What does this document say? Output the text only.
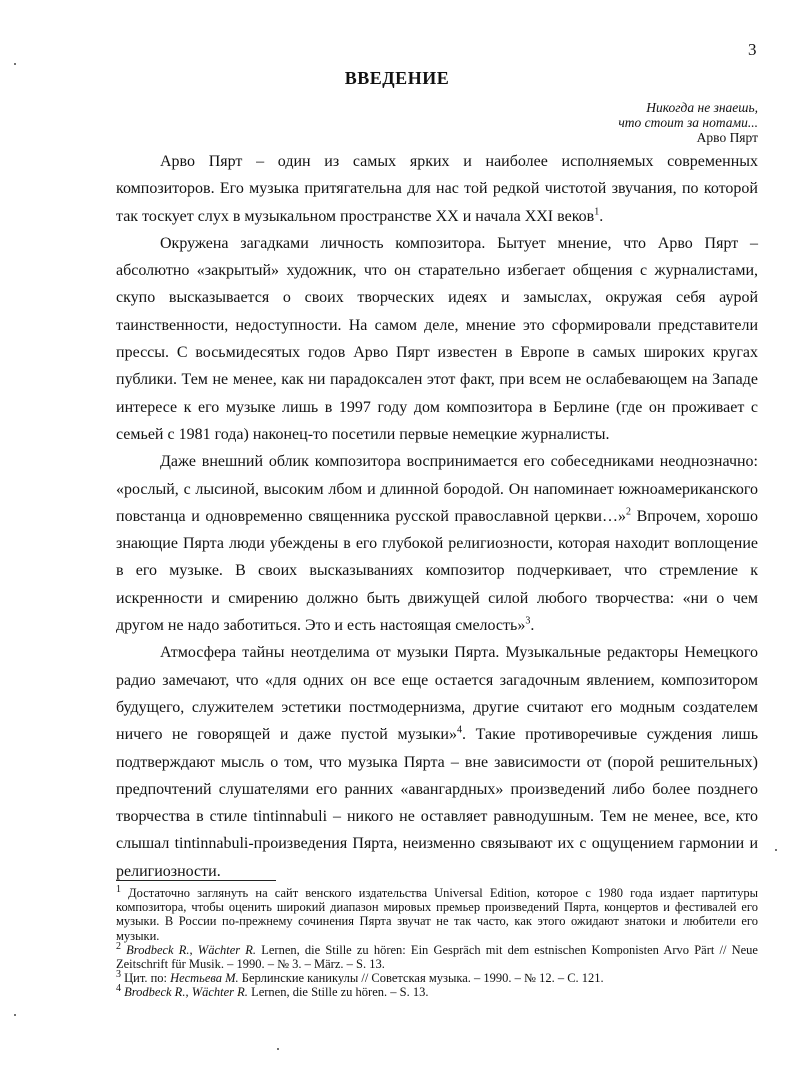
3
ВВЕДЕНИЕ
Никогда не знаешь,
что стоит за нотами...
Арво Пярт

Арво Пярт – один из самых ярких и наиболее исполняемых современных композиторов. Его музыка притягательна для нас той редкой чистотой звучания, по которой так тоскует слух в музыкальном пространстве XX и начала XXI веков$^1$.

Окружена загадками личность композитора. Бытует мнение, что Арво Пярт – абсолютно «закрытый» художник, что он старательно избегает общения с журналистами, скупо высказывается о своих творческих идеях и замыслах, окружая себя аурой таинственности, недоступности. На самом деле, мнение это сформировали представители прессы. С восьмидесятых годов Арво Пярт известен в Европе в самых широких кругах публики. Тем не менее, как ни парадоксален этот факт, при всем не ослабевающем на Западе интересе к его музыке лишь в 1997 году дом композитора в Берлине (где он проживает с семьей с 1981 года) наконец-то посетили первые немецкие журналисты.

Даже внешний облик композитора воспринимается его собеседниками неоднозначно: «рослый, с лысиной, высоким лбом и длинной бородой. Он напоминает южноамериканского повстанца и одновременно священника русской православной церкви…»$^2$ Впрочем, хорошо знающие Пярта люди убеждены в его глубокой религиозности, которая находит воплощение в его музыке. В своих высказываниях композитор подчеркивает, что стремление к искренности и смирению должно быть движущей силой любого творчества: «ни о чем другом не надо заботиться. Это и есть настоящая смелость»$^3$.

Атмосфера тайны неотделима от музыки Пярта. Музыкальные редакторы Немецкого радио замечают, что «для одних он все еще остается загадочным явлением, композитором будущего, служителем эстетики постмодернизма, другие считают его модным создателем ничего не говорящей и даже пустой музыки»$^4$. Такие противоречивые суждения лишь подтверждают мысль о том, что музыка Пярта – вне зависимости от (порой решительных) предпочтений слушателями его ранних «авангардных» произведений либо более позднего творчества в стиле tintinnabuli – никого не оставляет равнодушным. Тем не менее, все, кто слышал tintinnabuli-произведения Пярта, неизменно связывают их с ощущением гармонии и религиозности.

$^1$ Достаточно заглянуть на сайт венского издательства Universal Edition, которое с 1980 года издает партитуры композитора, чтобы оценить широкий диапазон мировых премьер произведений Пярта, концертов и фестивалей его музыки. В России по-прежнему сочинения Пярта звучат не так часто, как этого ожидают знатоки и любители его музыки.

$^2$ Brodbeck R., Wächter R. Lernen, die Stille zu hören: Ein Gespräch mit dem estnischen Komponisten Arvo Pärt // Neue Zeitschrift für Musik. – 1990. – № 3. – März. – S. 13.

$^3$ Цит. по: Нестьева М. Берлинские каникулы // Советская музыка. – 1990. – № 12. – С. 121.

$^4$ Brodbeck R., Wächter R. Lernen, die Stille zu hören. – S. 13.
